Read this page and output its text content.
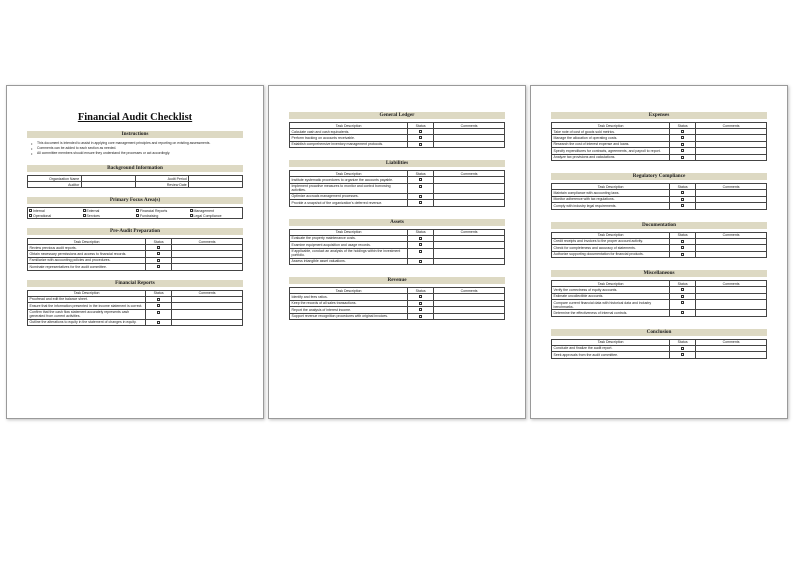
Financial Audit Checklist
Instructions
• This document is intended to assist in applying core management principles and reporting on existing assessments.
• Comments can be added to each section as needed.
• All committee members should ensure they understand the processes or act accordingly.
Background Information
Organization Name		Audit Period	
Auditor		Review Date	
Primary Focus Area(s)
Internal	External	Financial Reports	Management
Operational	Services	Fundraising	Legal Compliance
Pre-Audit Preparation
Task Description	Status	Comments
Review previous audit reports.		
Obtain necessary permissions and access to financial records.		
Familiarize with accounting policies and procedures.		
Nominate representatives for the audit committee.		
Financial Reports
Task Description	Status	Comments
Proofread and edit the balance sheet.		
Ensure that the information presented in the income statement is correct.		
Confirm that the cash flow statement accurately represents cash generated from current activities.		
Outline the alterations to equity in the statement of changes in equity.		
General Ledger
Task Description	Status	Comments
Calculate cash and cash equivalents.		
Perform tracking on accounts receivable.		
Establish comprehensive inventory management protocols.		
Liabilities
Task Description	Status	Comments
Institute systematic procedures to organize the accounts payable.		
Implement proactive measures to monitor and control borrowing activities.		
Optimize accruals management processes.		
Provide a snapshot of the organization's deferred revenue.		
Assets
Task Description	Status	Comments
Evaluate the property maintenance costs.		
Examine equipment acquisition and usage records.		
If applicable, conduct an analysis of the holdings within the investment portfolio.		
Assess intangible asset valuations.		
Revenue
Task Description	Status	Comments
Identify and fees ratios.		
Keep the records of all sales transactions.		
Report the analysis of interest income.		
Support revenue recognition procedures with original invoices.		
Expenses
Task Description	Status	Comments
Take note of cost of goods sold metrics.		
Manage the allocation of operating costs.		
Research the cost of interest expense and loans.		
Specify expenditures for contracts, agreements, and payroll to report.		
Analyze tax provisions and calculations.		
Regulatory Compliance
Task Description	Status	Comments
Maintain compliance with accounting laws.		
Monitor adherence with tax regulations.		
Comply with industry legal requirements.		
Documentation
Task Description	Status	Comments
Credit receipts and invoices to the proper account activity.		
Check for completeness and accuracy of statements.		
Authorize supporting documentation for financial products.		
Miscellaneous
Task Description	Status	Comments
Verify the correctness of equity accounts.		
Estimate uncollectible accounts.		
Compare current financial data with historical data and industry benchmarks.		
Determine the effectiveness of internal controls.		
Conclusion
Task Description	Status	Comments
Conclude and finalize the audit report.		
Seek approvals from the audit committee.		
